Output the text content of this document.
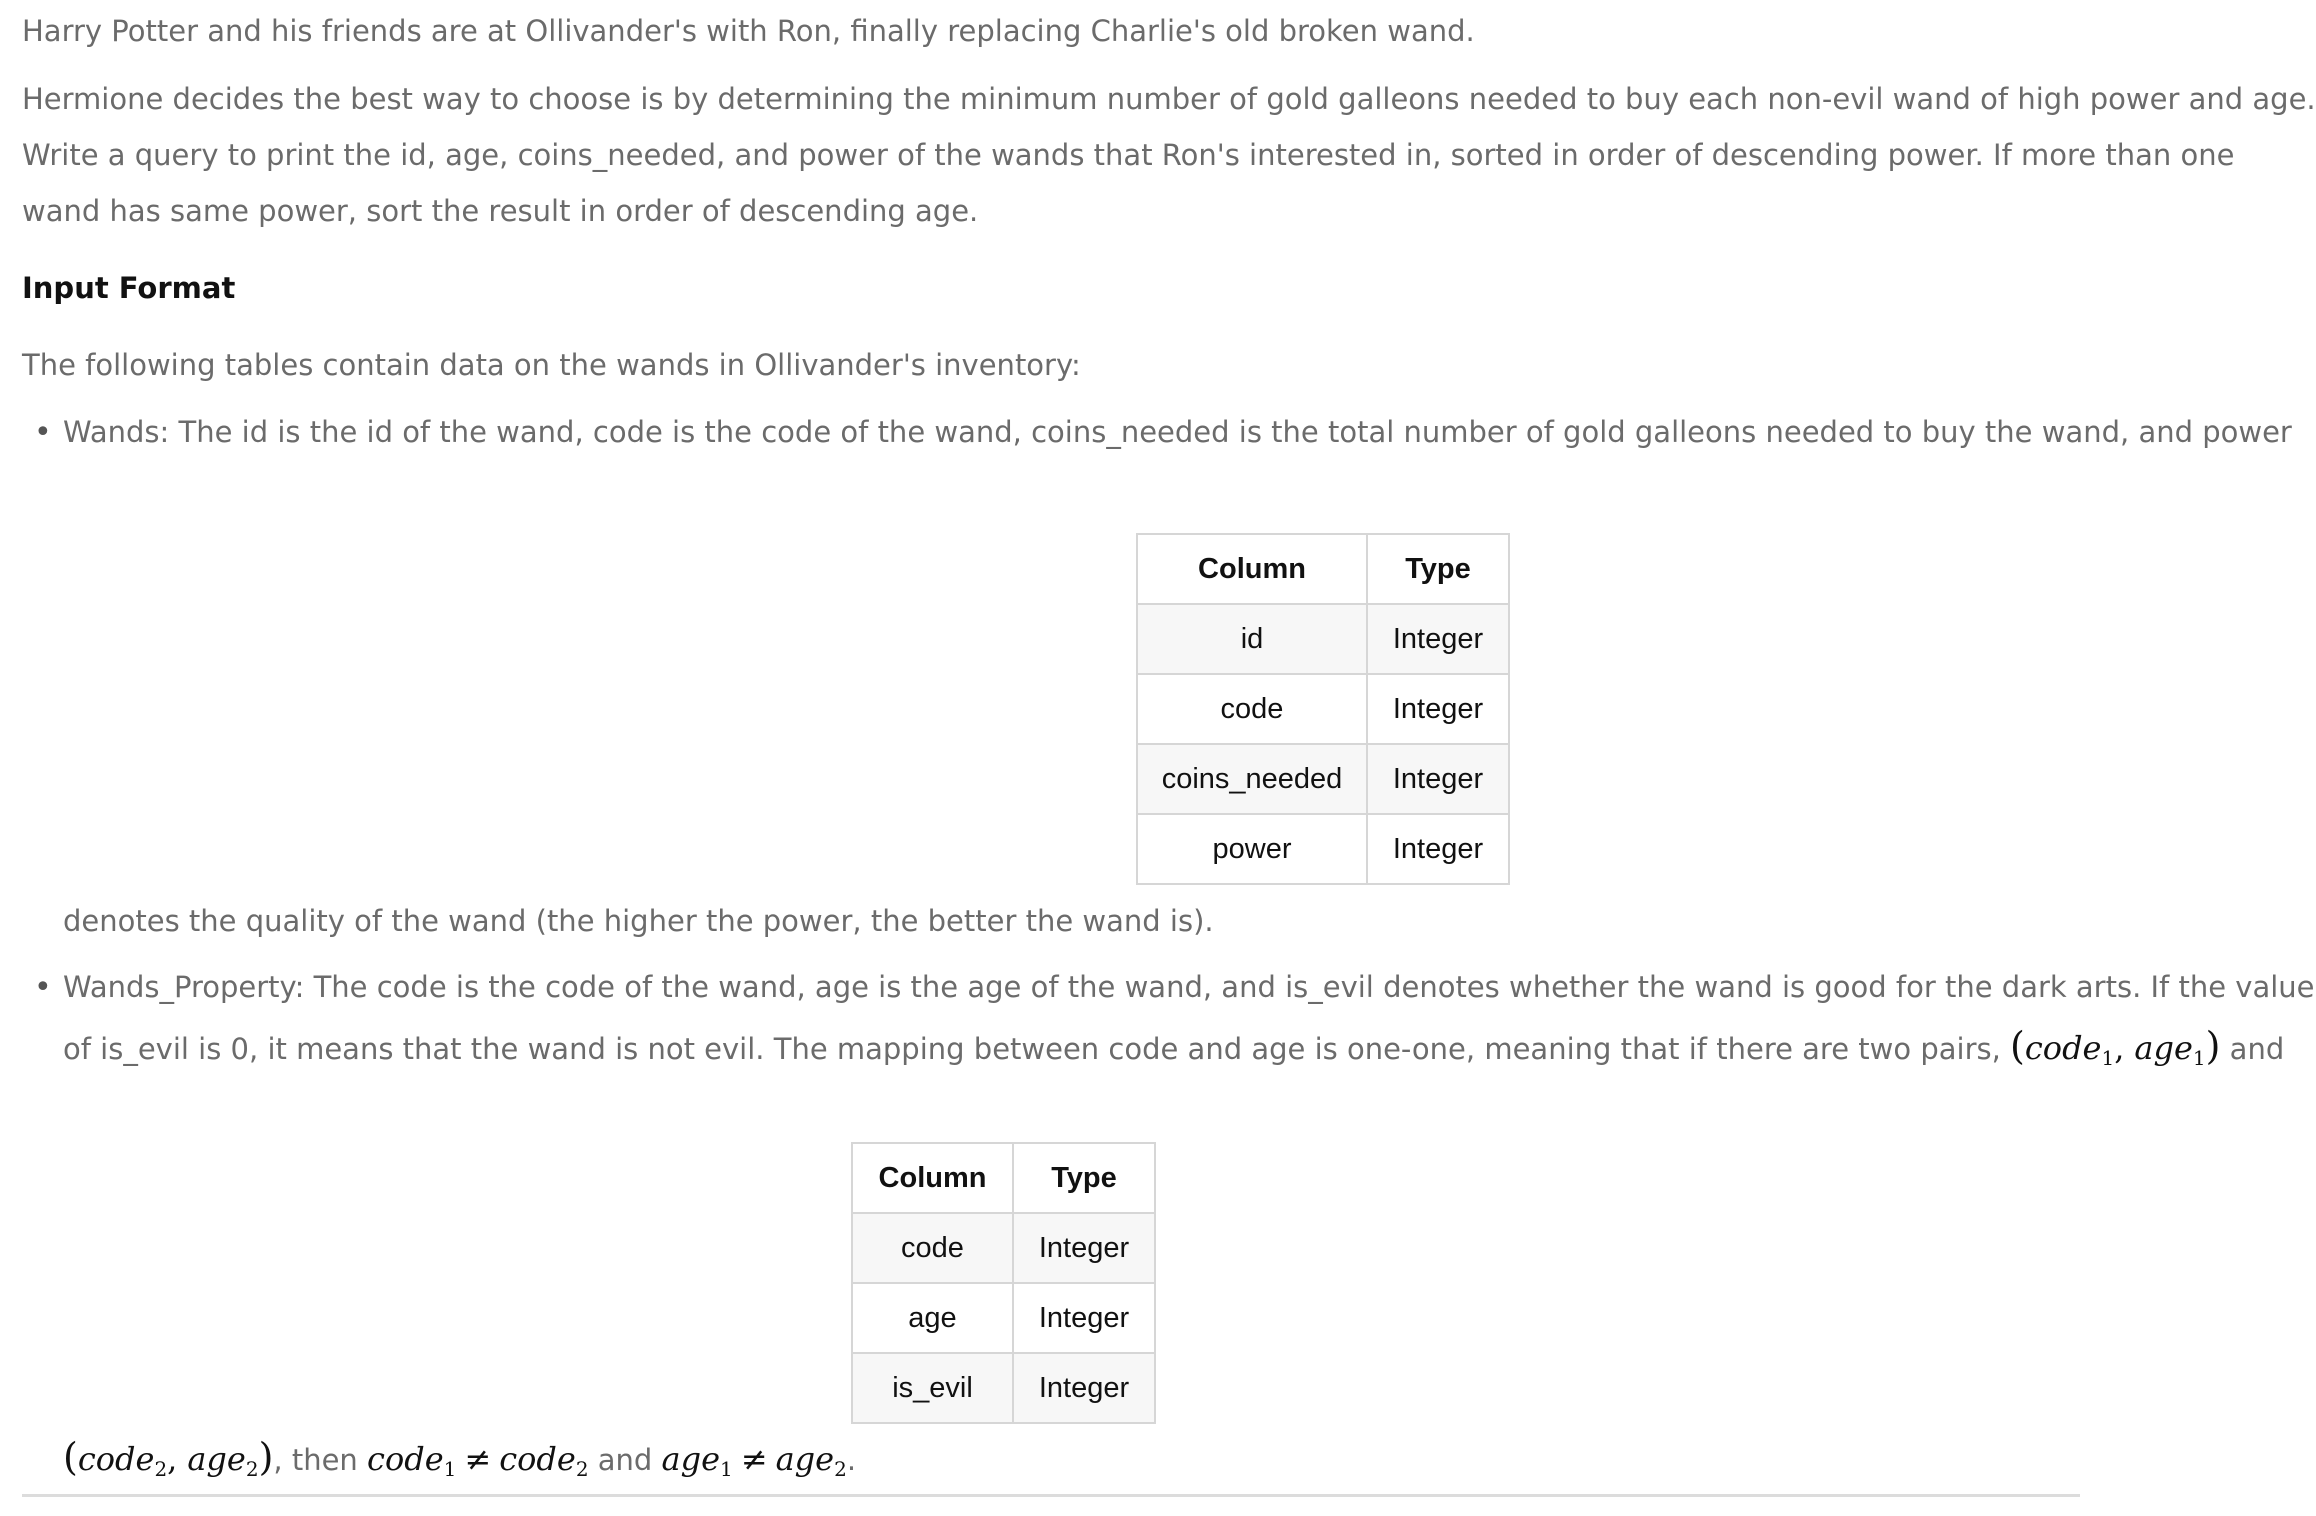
Harry Potter and his friends are at Ollivander's with Ron, finally replacing Charlie's old broken wand.
Hermione decides the best way to choose is by determining the minimum number of gold galleons needed to buy each non-evil wand of high power and age.
Write a query to print the id, age, coins_needed, and power of the wands that Ron's interested in, sorted in order of descending power. If more than one
wand has same power, sort the result in order of descending age.
Input Format
The following tables contain data on the wands in Ollivander's inventory:
• Wands: The id is the id of the wand, code is the code of the wand, coins_needed is the total number of gold galleons needed to buy the wand, and power
Column	Type
id	Integer
code	Integer
coins_needed	Integer
power	Integer
denotes the quality of the wand (the higher the power, the better the wand is).
• Wands_Property: The code is the code of the wand, age is the age of the wand, and is_evil denotes whether the wand is good for the dark arts. If the value
of is_evil is 0, it means that the wand is not evil. The mapping between code and age is one-one, meaning that if there are two pairs, (code$_1$, age$_1$) and
Column	Type
code	Integer
age	Integer
is_evil	Integer
(code$_2$, age$_2$), then code$_1$ ≠ code$_2$ and age$_1$ ≠ age$_2$.
